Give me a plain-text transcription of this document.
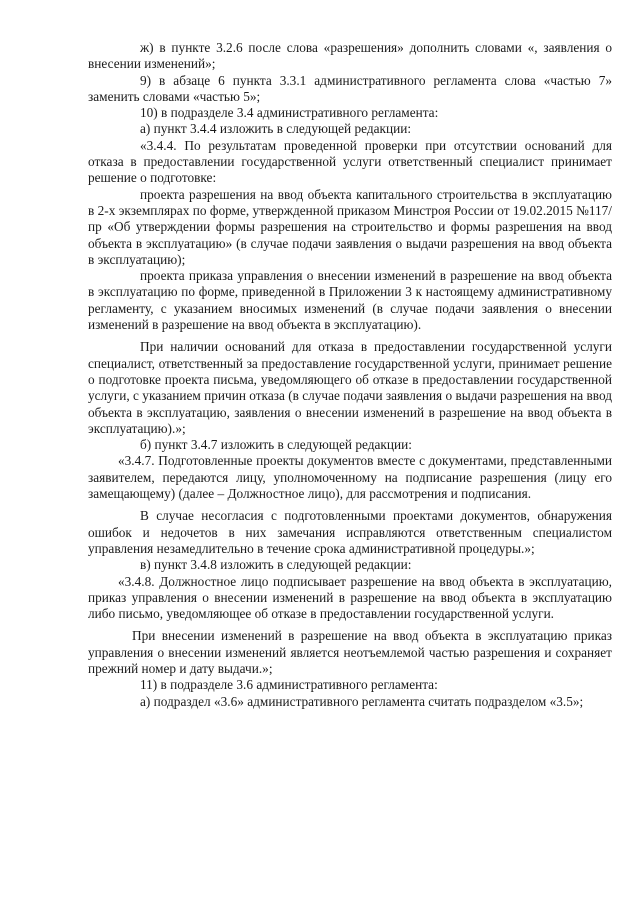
ж) в пункте 3.2.6 после слова «разрешения» дополнить словами «, заявления о внесении изменений»;

9) в абзаце 6 пункта 3.3.1 административного регламента слова «частью 7» заменить словами «частью 5»;

10) в подразделе 3.4 административного регламента:

а) пункт 3.4.4 изложить в следующей редакции:

«3.4.4. По результатам проведенной проверки при отсутствии оснований для отказа в предоставлении государственной услуги ответственный специалист принимает решение о подготовке:

проекта разрешения на ввод объекта капитального строительства в эксплуатацию в 2-х экземплярах по форме, утвержденной приказом Минстроя России от 19.02.2015 №117/пр «Об утверждении формы разрешения на строительство и формы разрешения на ввод объекта в эксплуатацию» (в случае подачи заявления о выдачи разрешения на ввод объекта в эксплуатацию);

проекта приказа управления о внесении изменений в разрешение на ввод объекта в эксплуатацию по форме, приведенной в Приложении 3 к настоящему административному регламенту, с указанием вносимых изменений (в случае подачи заявления о внесении изменений в разрешение на ввод объекта в эксплуатацию).

При наличии оснований для отказа в предоставлении государственной услуги специалист, ответственный за предоставление государственной услуги, принимает решение о подготовке проекта письма, уведомляющего об отказе в предоставлении государственной услуги, с указанием причин отказа (в случае подачи заявления о выдачи разрешения на ввод объекта в эксплуатацию, заявления о внесении изменений в разрешение на ввод объекта в эксплуатацию).»;

б) пункт 3.4.7 изложить в следующей редакции:

«3.4.7. Подготовленные проекты документов вместе с документами, представленными заявителем, передаются лицу, уполномоченному на подписание разрешения (лицу его замещающему) (далее – Должностное лицо), для рассмотрения и подписания.

В случае несогласия с подготовленными проектами документов, обнаружения ошибок и недочетов в них замечания исправляются ответственным специалистом управления незамедлительно в течение срока административной процедуры.»;

в) пункт 3.4.8 изложить в следующей редакции:

«3.4.8. Должностное лицо подписывает разрешение на ввод объекта в эксплуатацию, приказ управления о внесении изменений в разрешение на ввод объекта в эксплуатацию либо письмо, уведомляющее об отказе в предоставлении государственной услуги.

При внесении изменений в разрешение на ввод объекта в эксплуатацию приказ управления о внесении изменений является неотъемлемой частью разрешения и сохраняет прежний номер и дату выдачи.»;

11) в подразделе 3.6 административного регламента:

а) подраздел «3.6» административного регламента считать подразделом «3.5»;
